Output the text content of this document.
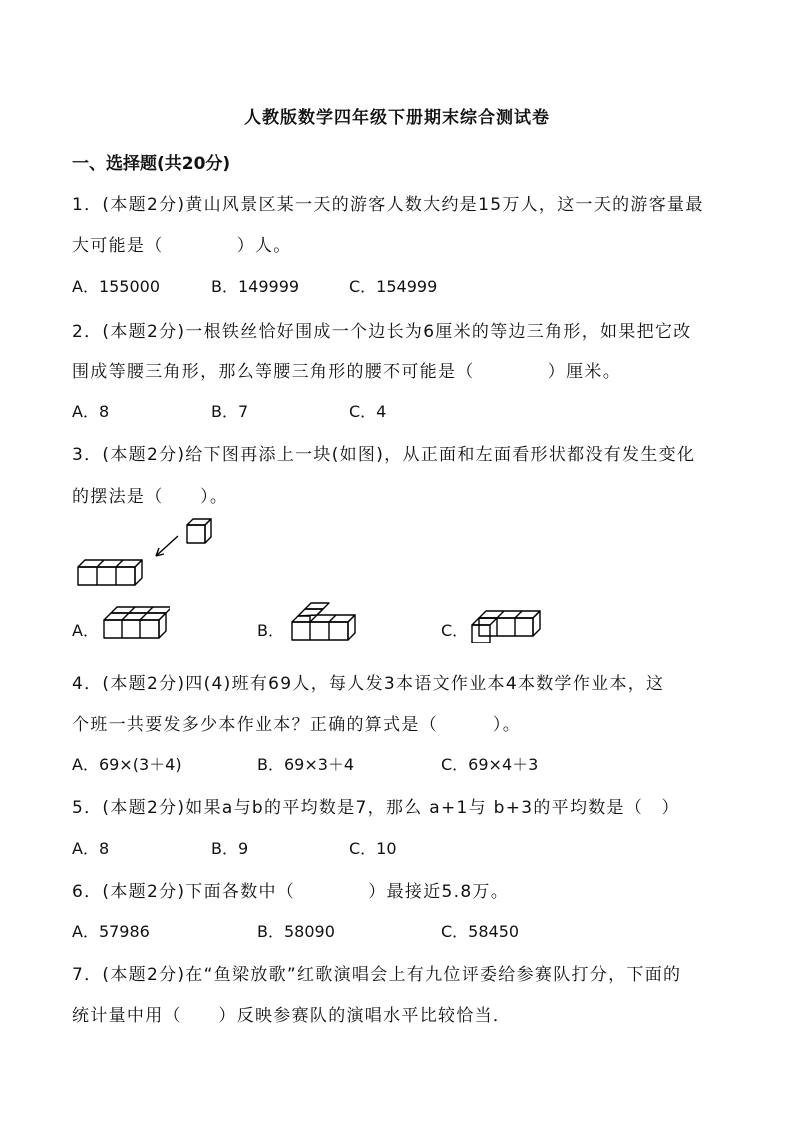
人教版数学四年级下册期末综合测试卷
一、选择题(共20分)
1．(本题2分)黄山风景区某一天的游客人数大约是15万人，这一天的游客量最
大可能是（　　　　）人。
A．155000	B．149999	C．154999
2．(本题2分)一根铁丝恰好围成一个边长为6厘米的等边三角形，如果把它改
围成等腰三角形，那么等腰三角形的腰不可能是（　　　　）厘米。
A．8	B．7	C．4
3．(本题2分)给下图再添上一块(如图)，从正面和左面看形状都没有发生变化
的摆法是（　　）。
A．	B．	C．
4．(本题2分)四(4)班有69人，每人发3本语文作业本4本数学作业本，这
个班一共要发多少本作业本？正确的算式是（　　　）。
A．69×(3＋4)	B．69×3＋4	C．69×4＋3
5．(本题2分)如果a与b的平均数是7，那么 a+1与 b+3的平均数是（　）
A．8	B．9	C．10
6．(本题2分)下面各数中（　　　　）最接近5.8万。
A．57986	B．58090	C．58450
7．(本题2分)在“鱼梁放歌”红歌演唱会上有九位评委给参赛队打分，下面的
统计量中用（　　）反映参赛队的演唱水平比较恰当．
